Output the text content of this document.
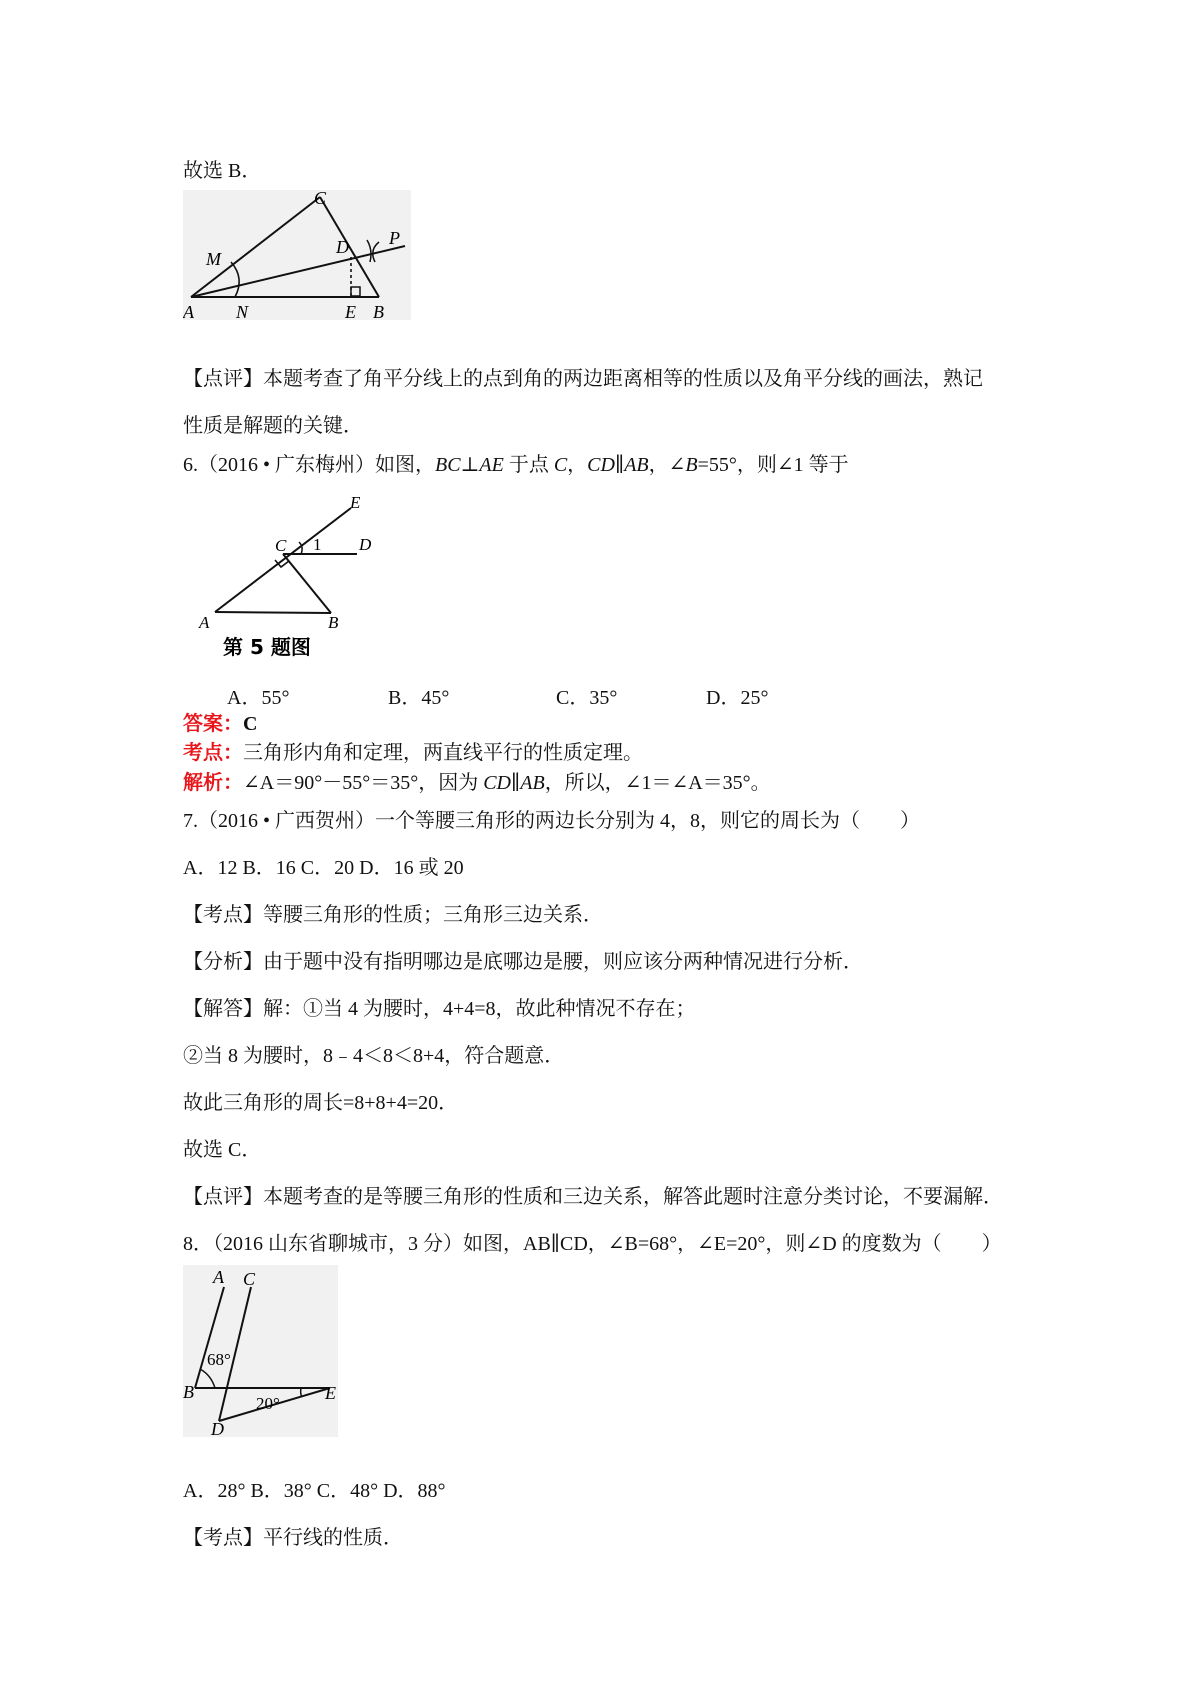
故选 B．
C
M
D P
A N	E B
【点评】本题考查了角平分线上的点到角的两边距离相等的性质以及角平分线的画法，熟记
性质是解题的关键．
6.（2016 • 广东梅州）如图，BC⊥AE 于点 C，CD∥AB，∠B=55°，则∠1 等于
E
C 1 D
A	B
第 5 题图
A．55°	B．45°	C．35°	D．25°
答案：C
考点：三角形内角和定理，两直线平行的性质定理。
解析：∠A＝90°－55°＝35°，因为 CD∥AB，所以，∠1＝∠A＝35°。
7.（2016 • 广西贺州）一个等腰三角形的两边长分别为 4，8，则它的周长为（　　）
A．12 B．16 C．20 D．16 或 20
【考点】等腰三角形的性质；三角形三边关系．
【分析】由于题中没有指明哪边是底哪边是腰，则应该分两种情况进行分析．
【解答】解：①当 4 为腰时，4+4=8，故此种情况不存在；
②当 8 为腰时，8﹣4＜8＜8+4，符合题意．
故此三角形的周长=8+8+4=20．
故选 C．
【点评】本题考查的是等腰三角形的性质和三边关系，解答此题时注意分类讨论，不要漏解．
8．（2016 山东省聊城市，3 分）如图，AB∥CD，∠B=68°，∠E=20°，则∠D 的度数为（　　）
A C
68°
B
20°
E
D
A．28° B．38° C．48° D．88°
【考点】平行线的性质．
